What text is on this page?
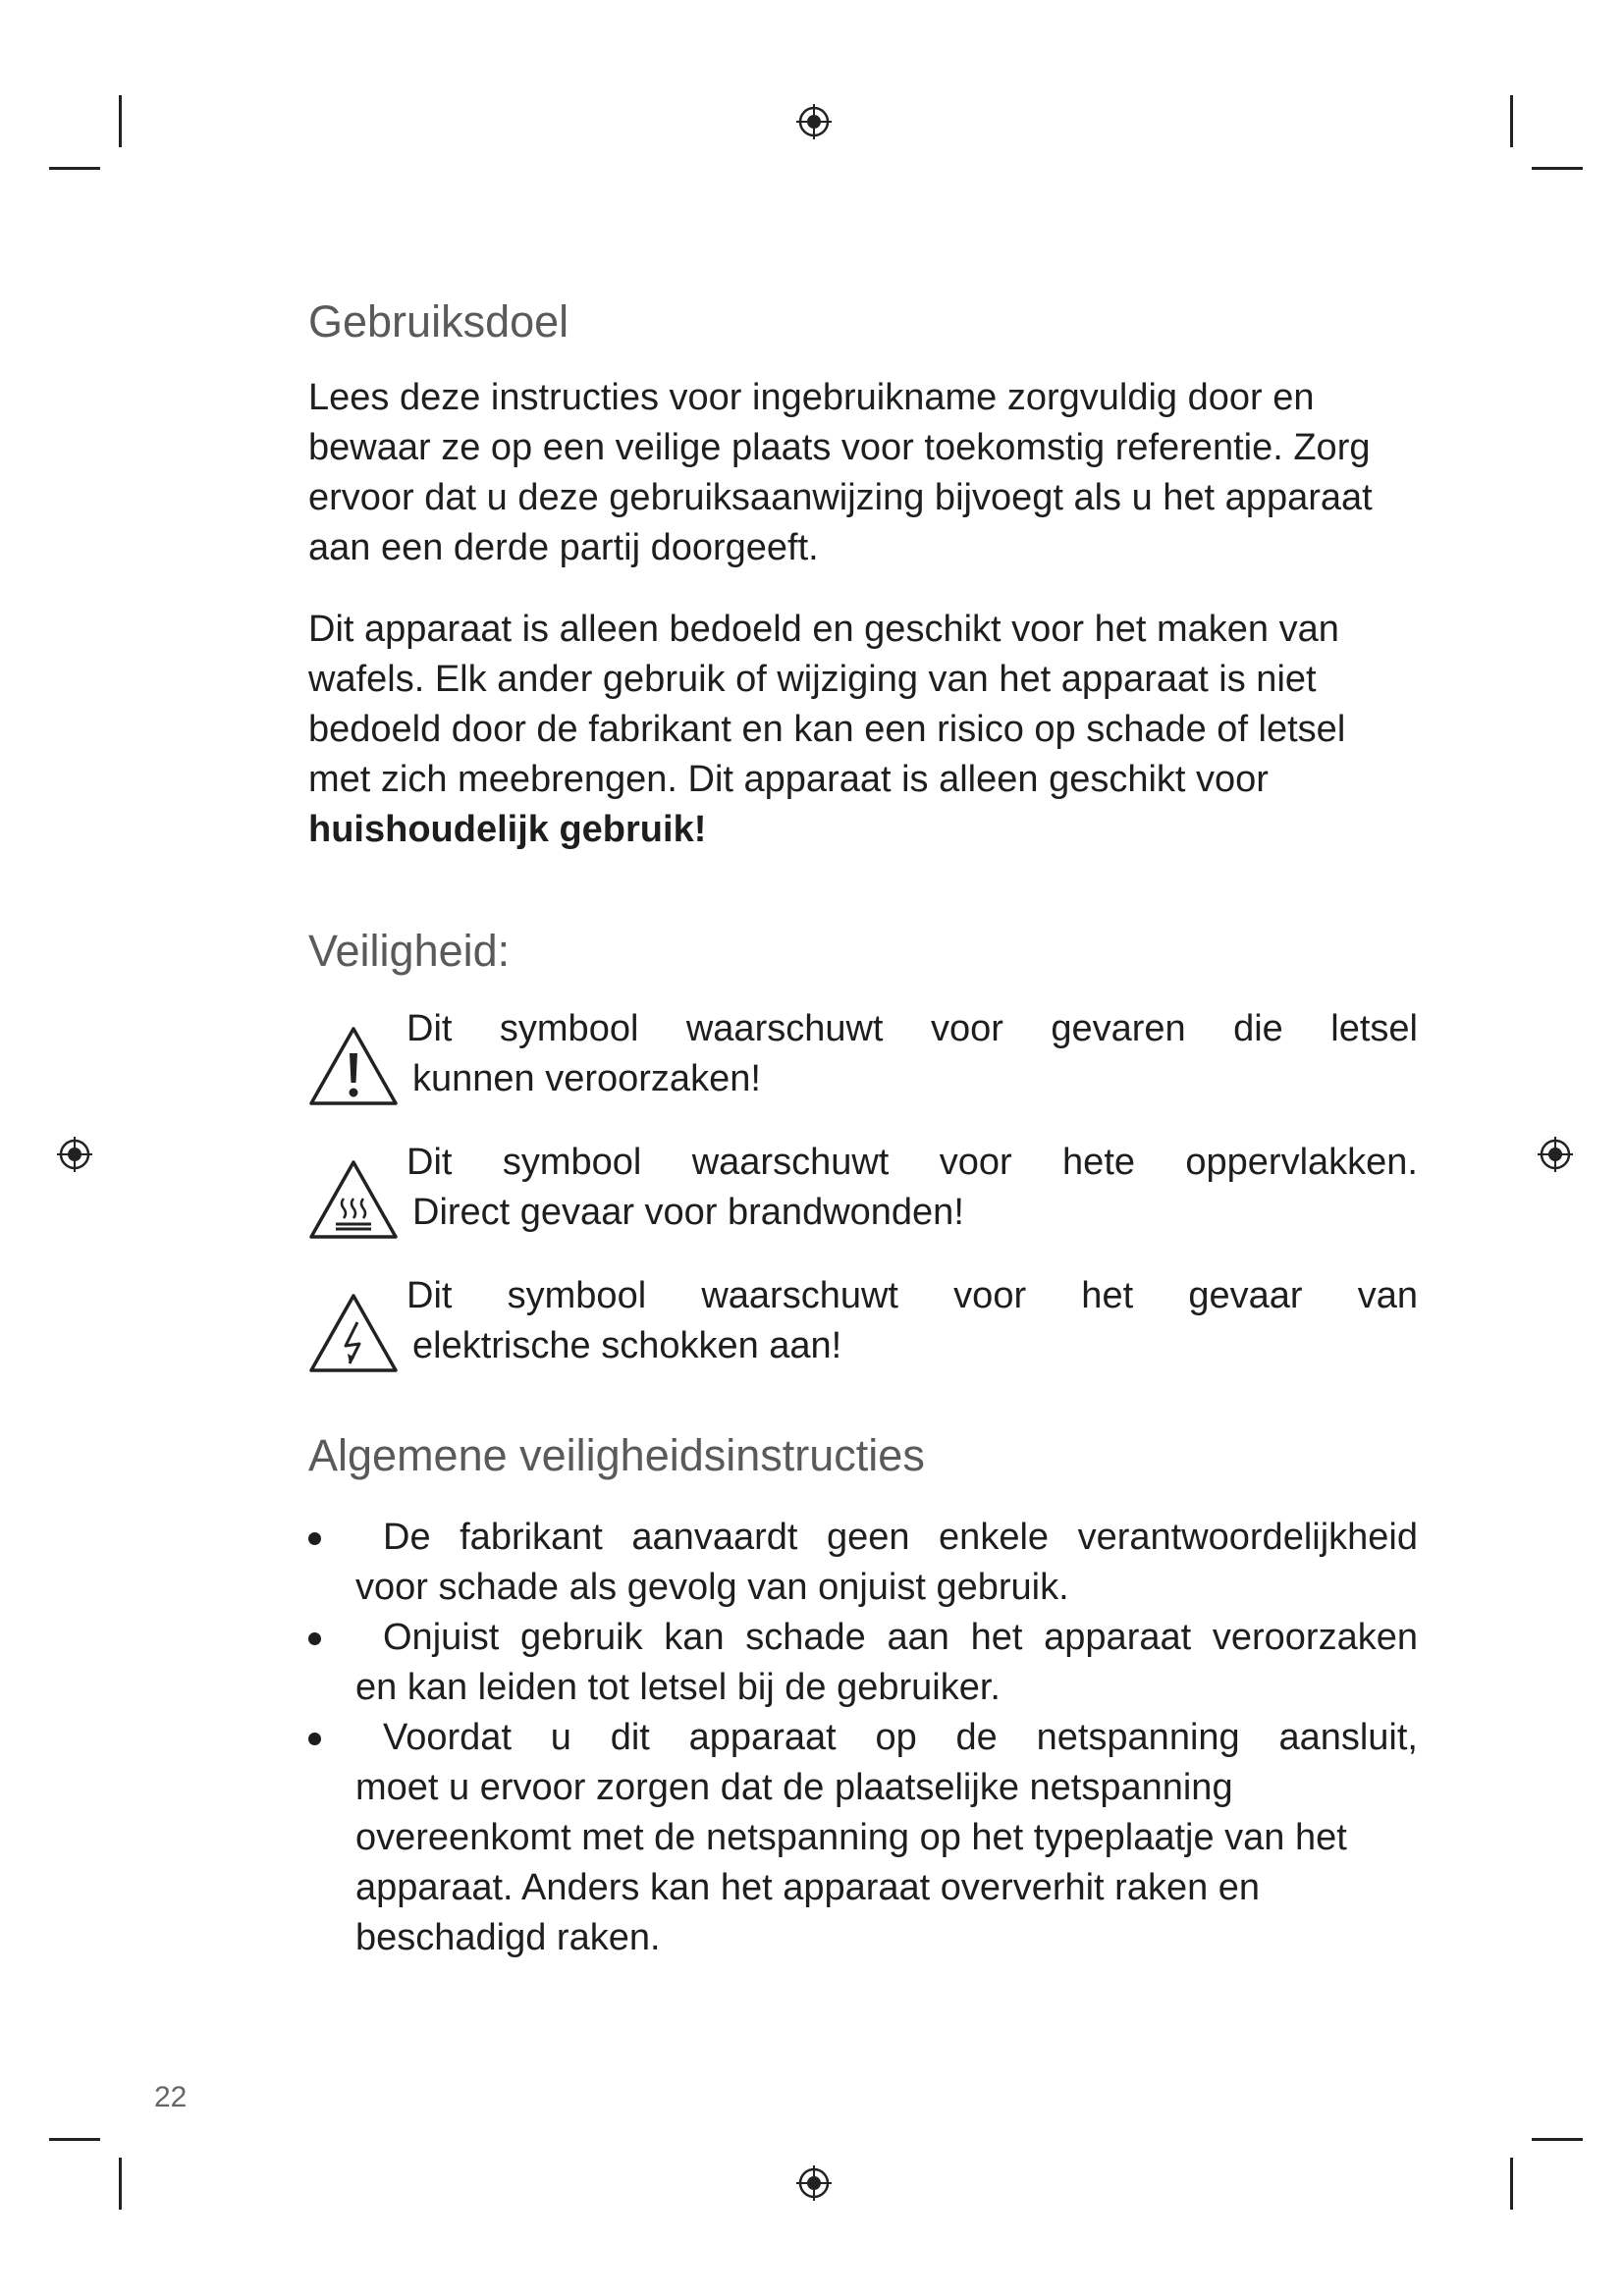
Gebruiksdoel

Lees deze instructies voor ingebruikname zorgvuldig door en bewaar ze op een veilige plaats voor toekomstig referentie. Zorg ervoor dat u deze gebruiksaanwijzing bijvoegt als u het apparaat aan een derde partij doorgeeft.

Dit apparaat is alleen bedoeld en geschikt voor het maken van wafels. Elk ander gebruik of wijziging van het apparaat is niet bedoeld door de fabrikant en kan een risico op schade of letsel met zich meebrengen. Dit apparaat is alleen geschikt voor huishoudelijk gebruik!

Veiligheid:
Dit symbool waarschuwt voor gevaren die letsel
kunnen veroorzaken!
Dit symbool waarschuwt voor hete oppervlakken.
Direct gevaar voor brandwonden!
Dit symbool waarschuwt voor het gevaar van
elektrische schokken aan!
Algemene veiligheidsinstructies
De fabrikant aanvaardt geen enkele verantwoordelijkheid
voor schade als gevolg van onjuist gebruik.
Onjuist gebruik kan schade aan het apparaat veroorzaken
en kan leiden tot letsel bij de gebruiker.
Voordat u dit apparaat op de netspanning aansluit,
moet u ervoor zorgen dat de plaatselijke netspanning overeenkomt met de netspanning op het typeplaatje van het apparaat. Anders kan het apparaat oververhit raken en beschadigd raken.
22
